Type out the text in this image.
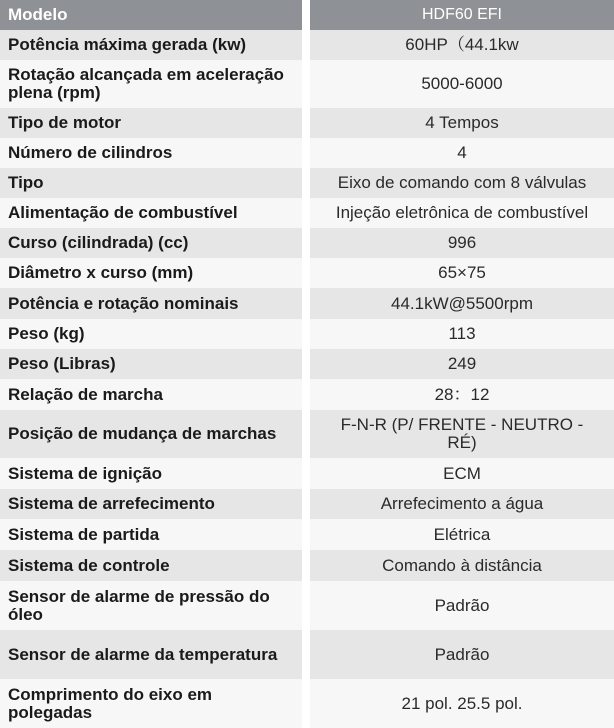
Modelo		HDF60 EFI
Potência máxima gerada (kw)		60HP（44.1kw
Rotação alcançada em aceleração plena (rpm)		5000-6000
Tipo de motor		4 Tempos
Número de cilindros		4
Tipo		Eixo de comando com 8 válvulas
Alimentação de combustível		Injeção eletrônica de combustível
Curso (cilindrada) (cc)		996
Diâmetro x curso (mm)		65×75
Potência e rotação nominais		44.1kW@5500rpm
Peso (kg)		113
Peso (Libras)		249
Relação de marcha		28：12
Posição de mudança de marchas		F-N-R (P/ FRENTE - NEUTRO - RÉ)
Sistema de ignição		ECM
Sistema de arrefecimento		Arrefecimento a água
Sistema de partida		Elétrica
Sistema de controle		Comando à distância
Sensor de alarme de pressão do óleo		Padrão
Sensor de alarme da temperatura		Padrão
Comprimento do eixo em polegadas		21 pol. 25.5 pol.
